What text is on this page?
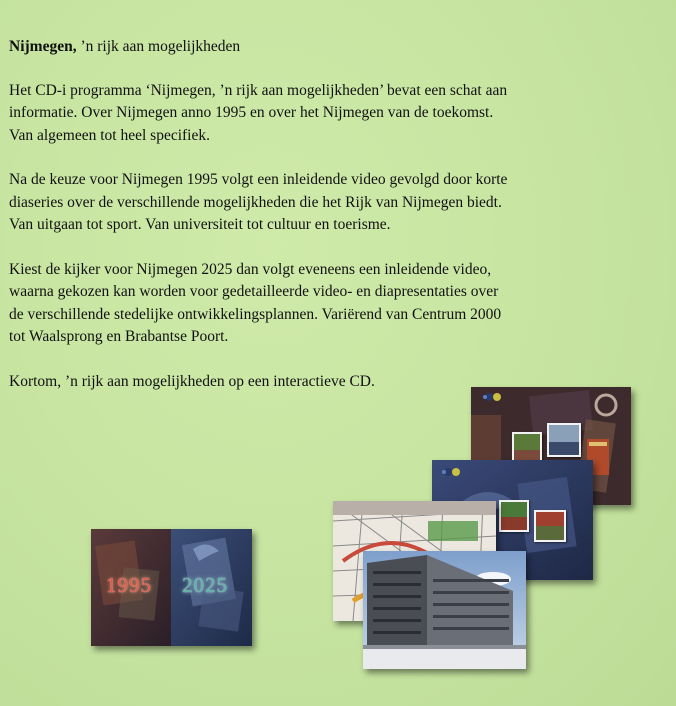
Nijmegen, ’n rijk aan mogelijkheden

Het CD-i programma ‘Nijmegen, ’n rijk aan mogelijkheden’ bevat een schat aan
informatie. Over Nijmegen anno 1995 en over het Nijmegen van de toekomst.
Van algemeen tot heel specifiek.

Na de keuze voor Nijmegen 1995 volgt een inleidende video gevolgd door korte
diaseries over de verschillende mogelijkheden die het Rijk van Nijmegen biedt.
Van uitgaan tot sport. Van universiteit tot cultuur en toerisme.

Kiest de kijker voor Nijmegen 2025 dan volgt eveneens een inleidende video,
waarna gekozen kan worden voor gedetailleerde video- en diapresentaties over
de verschillende stedelijke ontwikkelingsplannen. Variërend van Centrum 2000
tot Waalsprong en Brabantse Poort.

Kortom, ’n rijk aan mogelijkheden op een interactieve CD.

1995 2025
